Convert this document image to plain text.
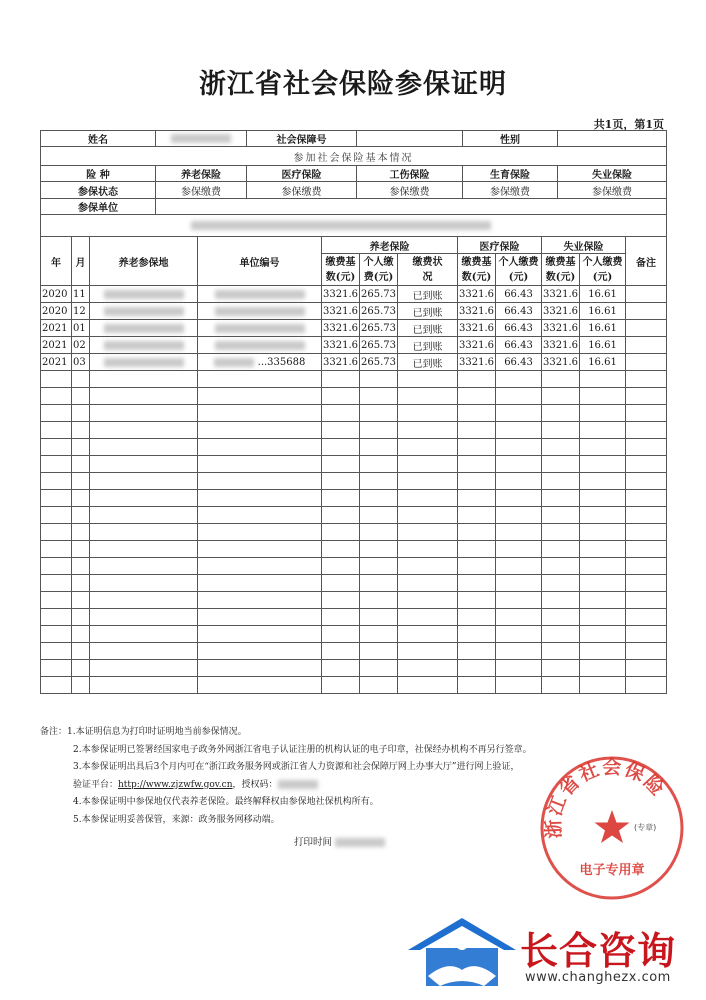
浙江省社会保险参保证明
共1页，第1页
姓名		社会保障号		性别	
参加社会保险基本情况					
险 种	养老保险	医疗保险	工伤保险	生育保险	失业保险
参保状态	参保缴费	参保缴费	参保缴费	参保缴费	参保缴费
参保单位					

年	月	养老参保地	单位编号	养老保险			医疗保险		失业保险		备注
				缴费基数(元)	个人缴费(元)	缴费状况	缴费基数(元)	个人缴费(元)	缴费基数(元)	个人缴费(元)	
2020	11			3321.6	265.73	已到账	3321.6	66.43	3321.6	16.61	
2020	12			3321.6	265.73	已到账	3321.6	66.43	3321.6	16.61	
2021	01			3321.6	265.73	已到账	3321.6	66.43	3321.6	16.61	
2021	02			3321.6	265.73	已到账	3321.6	66.43	3321.6	16.61	
2021	03		...335688	3321.6	265.73	已到账	3321.6	66.43	3321.6	16.61	

备注：1.本证明信息为打印时证明地当前参保情况。
2.本参保证明已签署经国家电子政务外网浙江省电子认证注册的机构认证的电子印章，社保经办机构不再另行签章。
3.本参保证明出具后3个月内可在“浙江政务服务网或浙江省人力资源和社会保障厅网上办事大厅”进行网上验证，
验证平台：http://www.zjzwfw.gov.cn，授权码：
4.本参保证明中参保地仅代表养老保险。最终解释权由参保地社保机构所有。
5.本参保证明妥善保管，来源：政务服务网移动端。
打印时间
浙江省社会保险
(专章)
电子专用章
长合咨询
www.changhezx.com
